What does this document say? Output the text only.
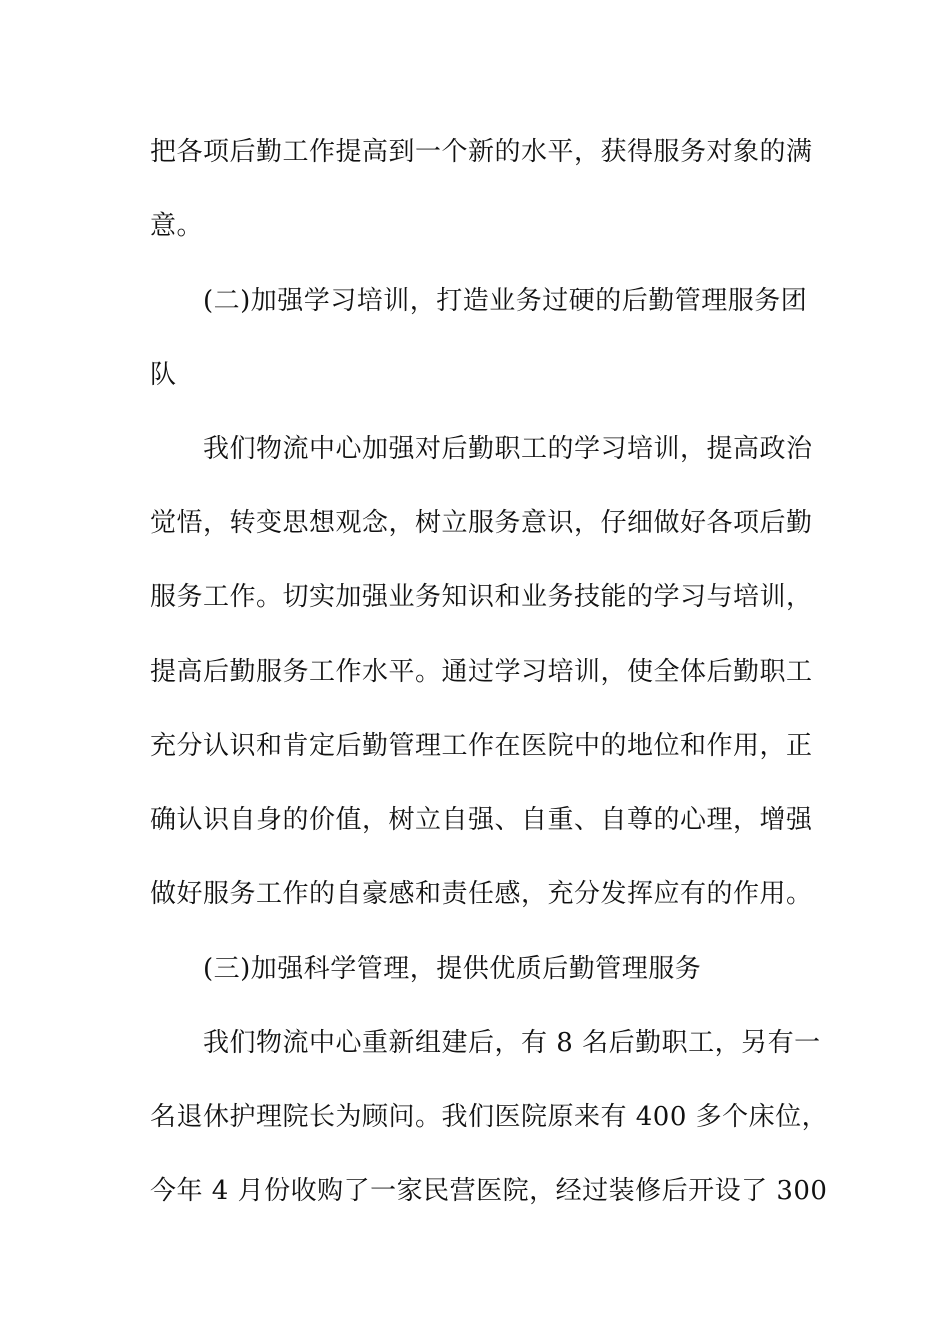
把各项后勤工作提高到一个新的水平，获得服务对象的满
意。
(二)加强学习培训，打造业务过硬的后勤管理服务团
队
我们物流中心加强对后勤职工的学习培训，提高政治
觉悟，转变思想观念，树立服务意识，仔细做好各项后勤
服务工作。切实加强业务知识和业务技能的学习与培训，
提高后勤服务工作水平。通过学习培训，使全体后勤职工
充分认识和肯定后勤管理工作在医院中的地位和作用，正
确认识自身的价值，树立自强、自重、自尊的心理，增强
做好服务工作的自豪感和责任感，充分发挥应有的作用。
(三)加强科学管理，提供优质后勤管理服务
我们物流中心重新组建后，有 8 名后勤职工，另有一
名退休护理院长为顾问。我们医院原来有 400 多个床位，
今年 4 月份收购了一家民营医院，经过装修后开设了 300
